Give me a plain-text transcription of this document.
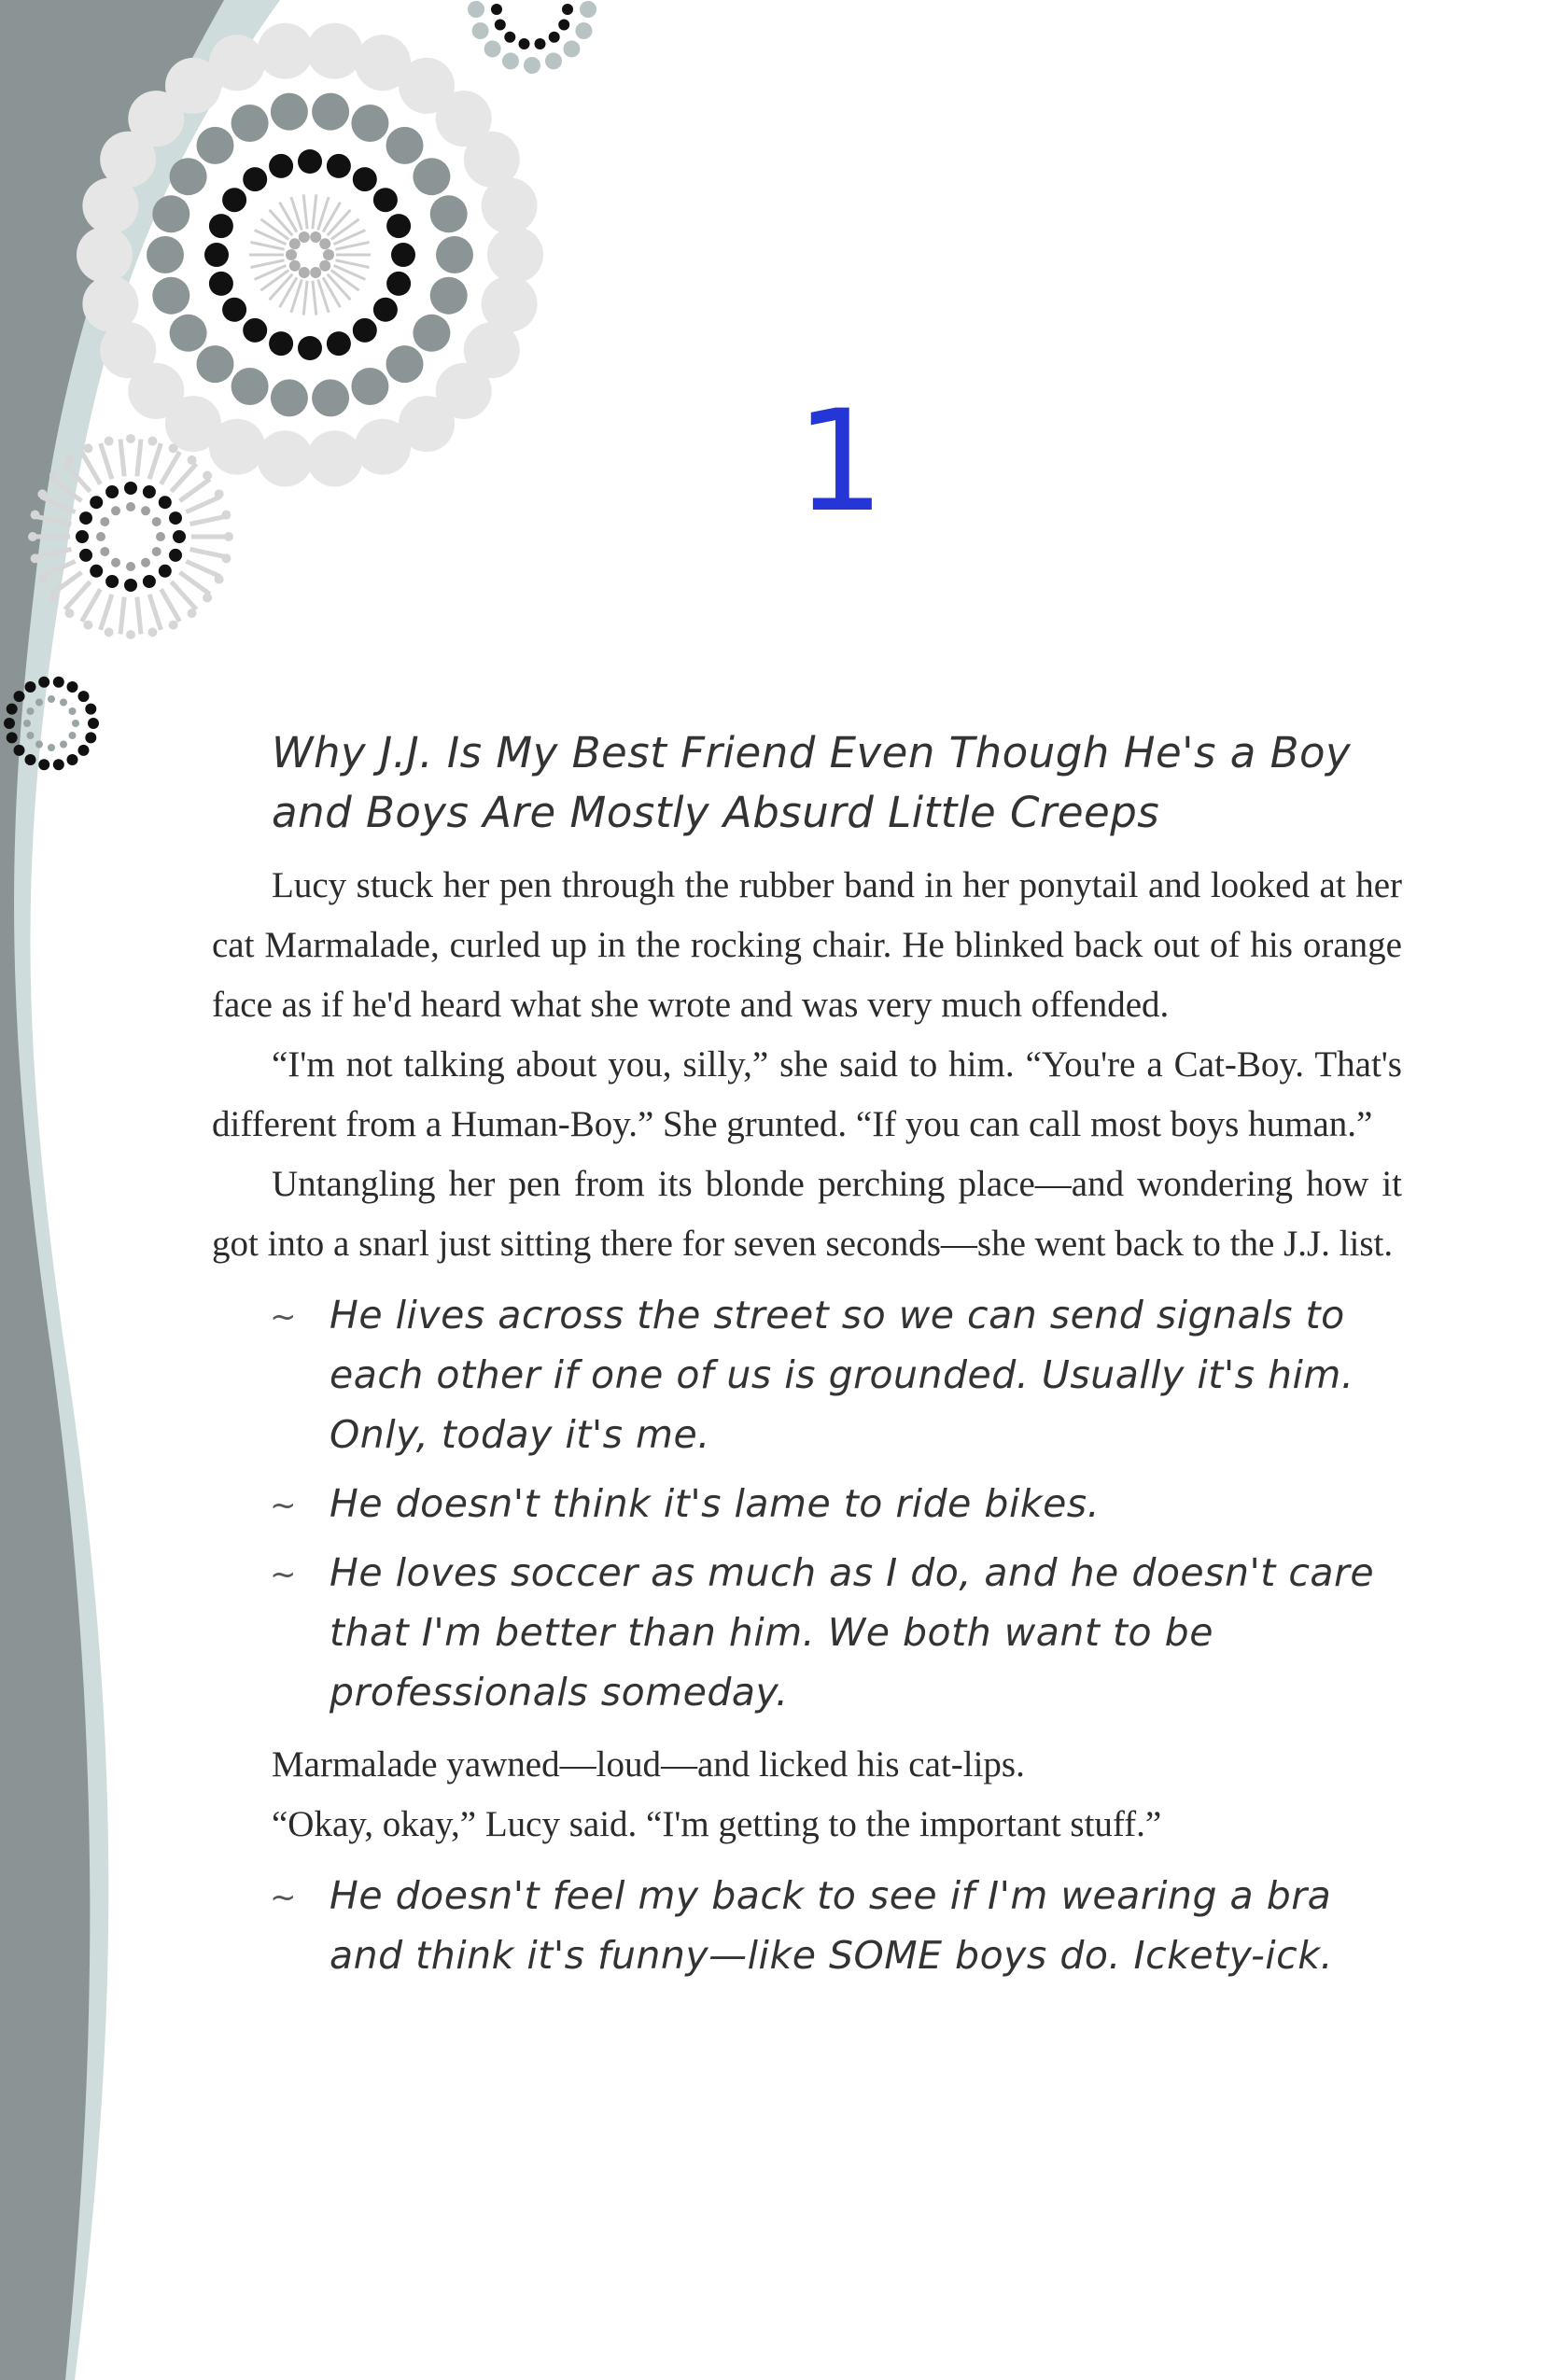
1
Why J.J. Is My Best Friend Even Though He's a Boy and Boys Are Mostly Absurd Little Creeps

Lucy stuck her pen through the rubber band in her ponytail and looked at her cat Marmalade, curled up in the rocking chair. He blinked back out of his orange face as if he'd heard what she wrote and was very much offended.

“I'm not talking about you, silly,” she said to him. “You're a Cat-Boy. That's different from a Human-Boy.” She grunted. “If you can call most boys human.”

Untangling her pen from its blonde perching place—and wondering how it got into a snarl just sitting there for seven seconds—she went back to the J.J. list.

~ He lives across the street so we can send signals to each other if one of us is grounded. Usually it's him. Only, today it's me.
~ He doesn't think it's lame to ride bikes.
~ He loves soccer as much as I do, and he doesn't care that I'm better than him. We both want to be professionals someday.

Marmalade yawned—loud—and licked his cat-lips.

“Okay, okay,” Lucy said. “I'm getting to the important stuff.”

~ He doesn't feel my back to see if I'm wearing a bra and think it's funny—like SOME boys do. Ickety-ick.
